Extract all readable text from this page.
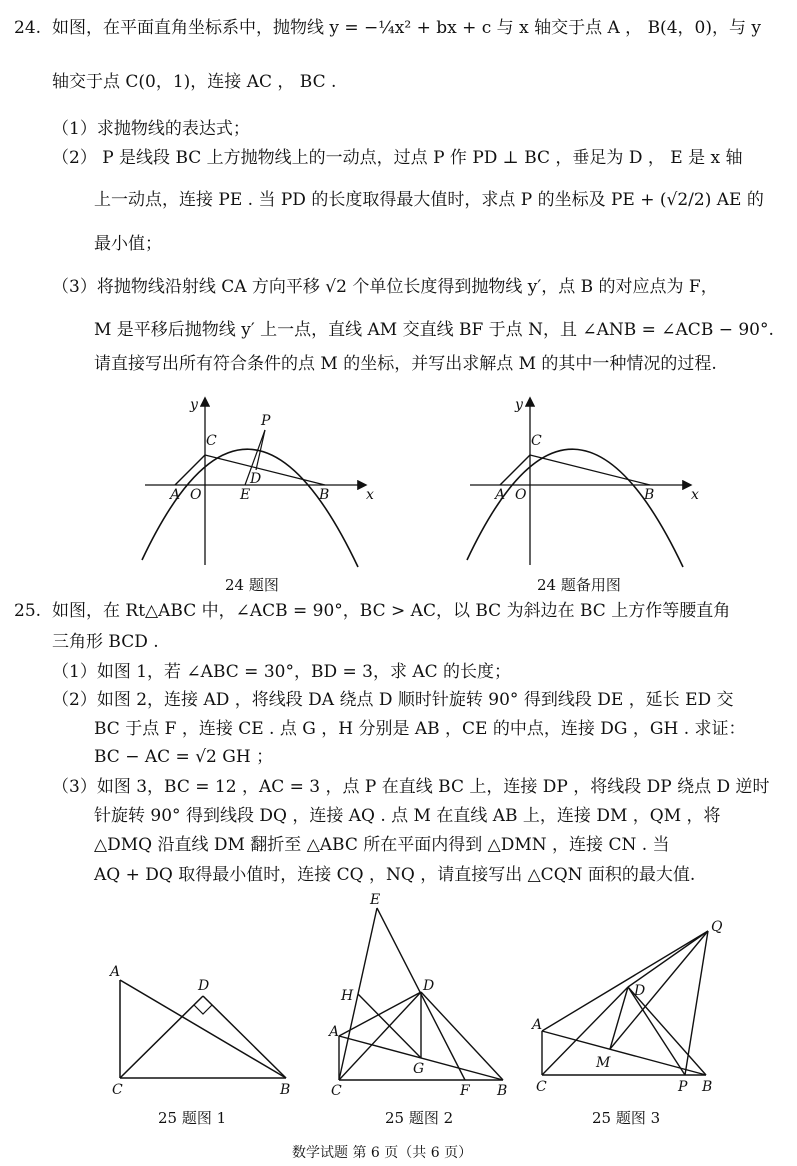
24. 如图，在平面直角坐标系中，抛物线 y = −¼x² + bx + c 与 x 轴交于点 A ， B(4，0)，与 y
轴交于点 C(0，1)，连接 AC ， BC .
（1）求抛物线的表达式；
（2） P 是线段 BC 上方抛物线上的一动点，过点 P 作 PD ⊥ BC ，垂足为 D ， E 是 x 轴
上一动点，连接 PE . 当 PD 的长度取得最大值时，求点 P 的坐标及 PE + (√2/2) AE 的
最小值；
（3）将抛物线沿射线 CA 方向平移 √2 个单位长度得到抛物线 y′，点 B 的对应点为 F，
M 是平移后抛物线 y′ 上一点，直线 AM 交直线 BF 于点 N，且 ∠ANB = ∠ACB − 90°.
请直接写出所有符合条件的点 M 的坐标，并写出求解点 M 的其中一种情况的过程.
y
x
A O	E	B
C
P
D
24 题图
y
x
A O	B
C
24 题备用图
25. 如图，在 Rt△ABC 中，∠ACB = 90°，BC > AC，以 BC 为斜边在 BC 上方作等腰直角
三角形 BCD .
（1）如图 1，若 ∠ABC = 30°，BD = 3，求 AC 的长度；
（2）如图 2，连接 AD ，将线段 DA 绕点 D 顺时针旋转 90° 得到线段 DE ，延长 ED 交
BC 于点 F ，连接 CE . 点 G ，H 分别是 AB ，CE 的中点，连接 DG ，GH . 求证：
BC − AC = √2 GH ；
（3）如图 3，BC = 12 ，AC = 3 ，点 P 在直线 BC 上，连接 DP ，将线段 DP 绕点 D 逆时
针旋转 90° 得到线段 DQ ，连接 AQ . 点 M 在直线 AB 上，连接 DM ，QM ，将
△DMQ 沿直线 DM 翻折至 △ABC 所在平面内得到 △DMN ，连接 CN . 当
AQ + DQ 取得最小值时，连接 CQ ，NQ ，请直接写出 △CQN 面积的最大值.
A
D
C	B
25 题图 1
E
H
D
A
G
C	F B
25 题图 2
Q
D
A
M
C	P B
25 题图 3
数学试题 第 6 页（共 6 页）
